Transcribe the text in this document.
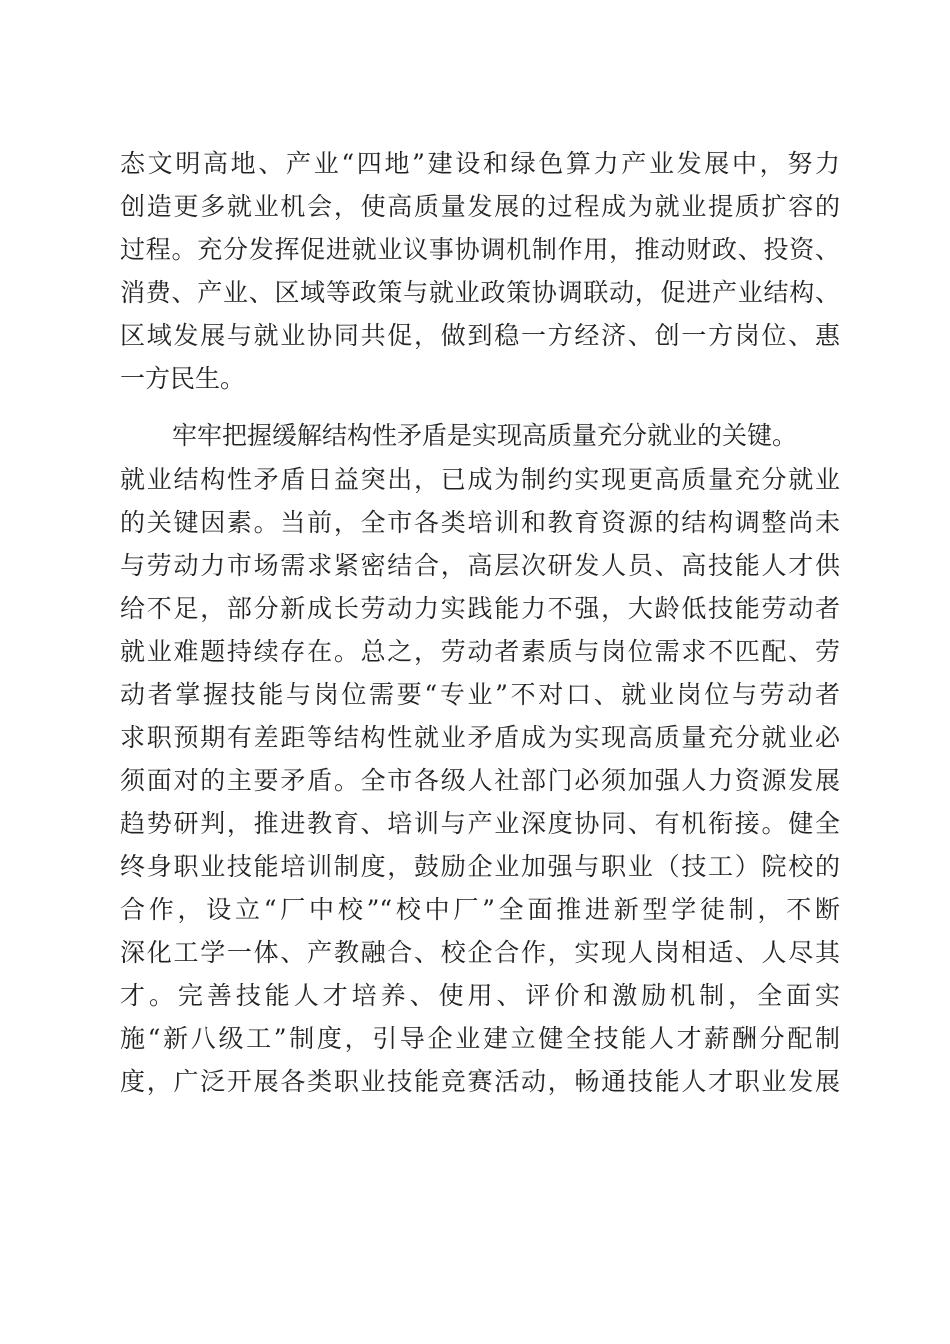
态文明高地、产业“四地”建设和绿色算力产业发展中，努力
创造更多就业机会，使高质量发展的过程成为就业提质扩容的
过程。充分发挥促进就业议事协调机制作用，推动财政、投资、
消费、产业、区域等政策与就业政策协调联动，促进产业结构、
区域发展与就业协同共促，做到稳一方经济、创一方岗位、惠
一方民生。
牢牢把握缓解结构性矛盾是实现高质量充分就业的关键。
就业结构性矛盾日益突出，已成为制约实现更高质量充分就业
的关键因素。当前，全市各类培训和教育资源的结构调整尚未
与劳动力市场需求紧密结合，高层次研发人员、高技能人才供
给不足，部分新成长劳动力实践能力不强，大龄低技能劳动者
就业难题持续存在。总之，劳动者素质与岗位需求不匹配、劳
动者掌握技能与岗位需要“专业”不对口、就业岗位与劳动者
求职预期有差距等结构性就业矛盾成为实现高质量充分就业必
须面对的主要矛盾。全市各级人社部门必须加强人力资源发展
趋势研判，推进教育、培训与产业深度协同、有机衔接。健全
终身职业技能培训制度，鼓励企业加强与职业（技工）院校的
合作，设立“厂中校”“校中厂”全面推进新型学徒制，不断
深化工学一体、产教融合、校企合作，实现人岗相适、人尽其
才。完善技能人才培养、使用、评价和激励机制，全面实
施“新八级工”制度，引导企业建立健全技能人才薪酬分配制
度，广泛开展各类职业技能竞赛活动，畅通技能人才职业发展
